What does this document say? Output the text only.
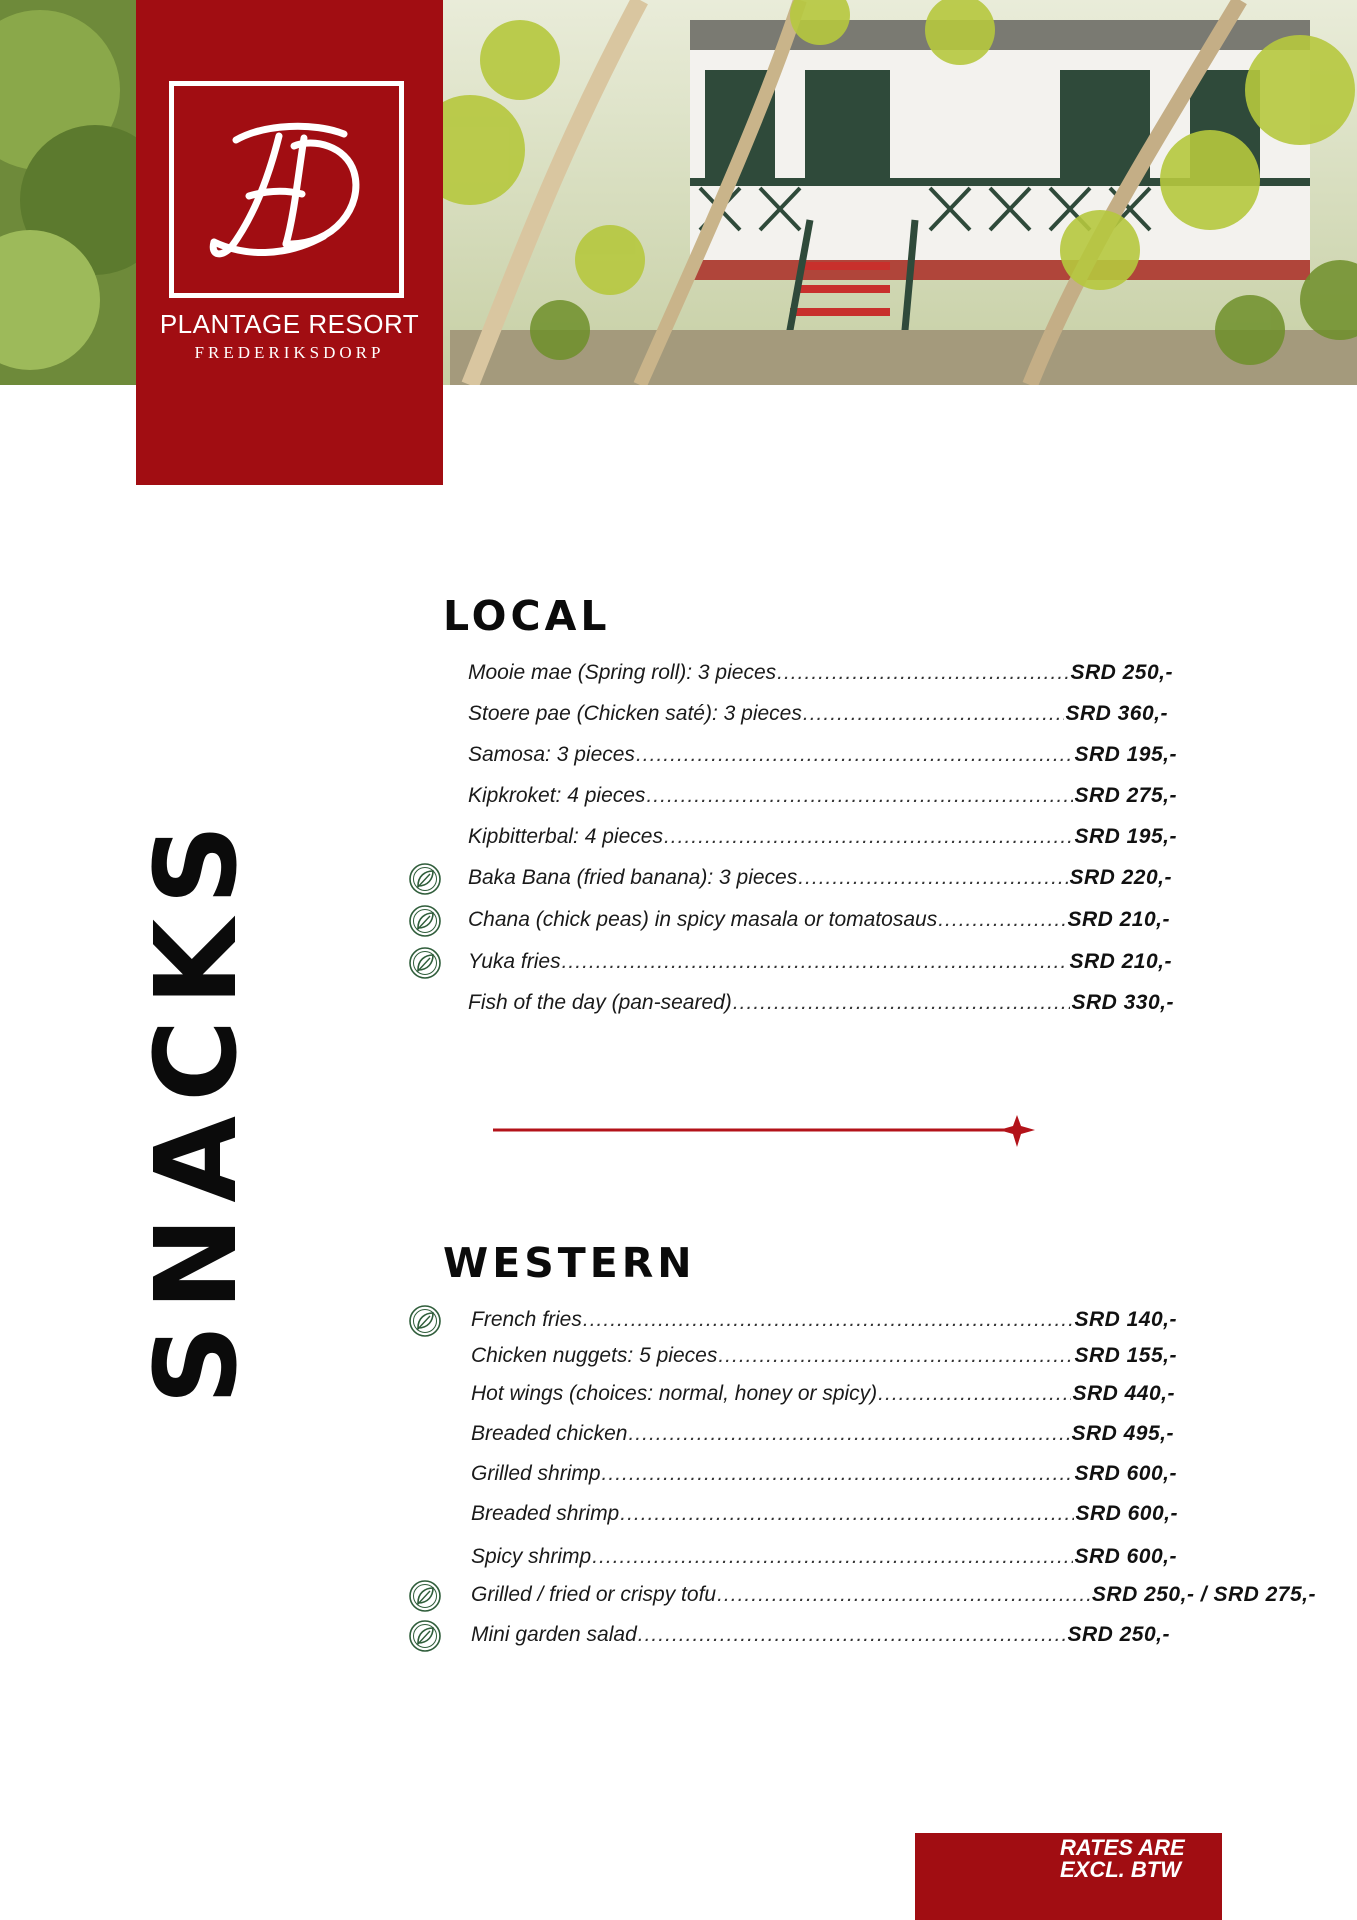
PLANTAGE RESORT
FREDERIKSDORP
SNACKS
LOCAL
Mooie mae (Spring roll): 3 pieces .....	SRD 250,-
Stoere pae (Chicken saté): 3 pieces .....	SRD 360,-
Samosa: 3 pieces .....	SRD 195,-
Kipkroket: 4 pieces .....	SRD 275,-
Kipbitterbal: 4 pieces .....	SRD 195,-
Baka Bana (fried banana): 3 pieces .....	SRD 220,-
Chana (chick peas) in spicy masala or tomatosaus .....	SRD 210,-
Yuka fries .....	SRD 210,-
Fish of the day (pan-seared) .....	SRD 330,-
WESTERN
French fries .....	SRD 140,-
Chicken nuggets: 5 pieces .....	SRD 155,-
Hot wings (choices: normal, honey or spicy) .....	SRD 440,-
Breaded chicken .....	SRD 495,-
Grilled shrimp .....	SRD 600,-
Breaded shrimp .....	SRD 600,-
Spicy shrimp .....	SRD 600,-
Grilled / fried or crispy tofu .....	SRD 250,- / SRD 275,-
Mini garden salad .....	SRD 250,-
RATES ARE
EXCL. BTW
